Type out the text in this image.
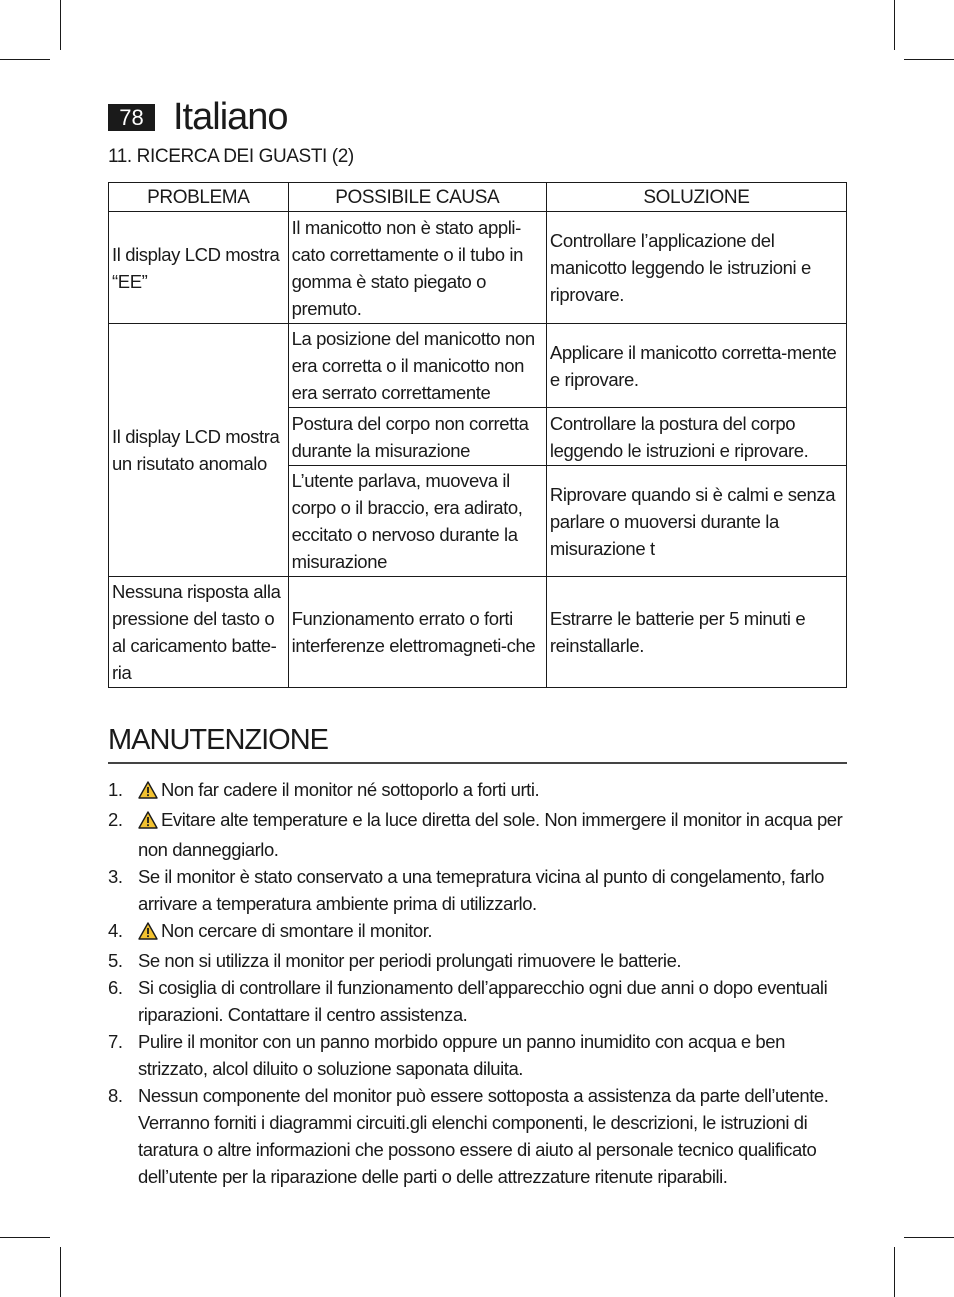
78 Italiano
11. RICERCA DEI GUASTI (2)
PROBLEMA	POSSIBILE CAUSA	SOLUZIONE
Il display LCD mostra “EE”	Il manicotto non è stato appli-cato correttamente o il tubo in gomma è stato piegato o premuto.	Controllare l’applicazione del manicotto leggendo le istruzioni e riprovare.
Il display LCD mostra un risutato anomalo	La posizione del manicotto non era corretta o il manicotto non era serrato correttamente	Applicare il manicotto corretta-mente e riprovare.
	Postura del corpo non corretta durante la misurazione	Controllare la postura del corpo leggendo le istruzioni e riprovare.
	L’utente parlava, muoveva il corpo o il braccio, era adirato, eccitato o nervoso durante la misurazione	Riprovare quando si è calmi e senza parlare o muoversi durante la misurazione t
Nessuna risposta alla pressione del tasto o al caricamento batte-ria	Funzionamento errato o forti interferenze elettromagneti-che	Estrarre le batterie per 5 minuti e reinstallarle.
MANUTENZIONE
1. Non far cadere il monitor né sottoporlo a forti urti.
2. Evitare alte temperature e la luce diretta del sole. Non immergere il monitor in acqua per non danneggiarlo.
3. Se il monitor è stato conservato a una temepratura vicina al punto di congelamento, farlo arrivare a temperatura ambiente prima di utilizzarlo.
4. Non cercare di smontare il monitor.
5. Se non si utilizza il monitor per periodi prolungati rimuovere le batterie.
6. Si cosiglia di controllare il funzionamento dell’apparecchio ogni due anni o dopo eventuali riparazioni. Contattare il centro assistenza.
7. Pulire il monitor con un panno morbido oppure un panno inumidito con acqua e ben strizzato, alcol diluito o soluzione saponata diluita.
8. Nessun componente del monitor può essere sottoposta a assistenza da parte dell’utente. Verranno forniti i diagrammi circuiti.gli elenchi componenti, le descrizioni, le istruzioni di taratura o altre informazioni che possono essere di aiuto al personale tecnico qualificato dell’utente per la riparazione delle parti o delle attrezzature ritenute riparabili.
